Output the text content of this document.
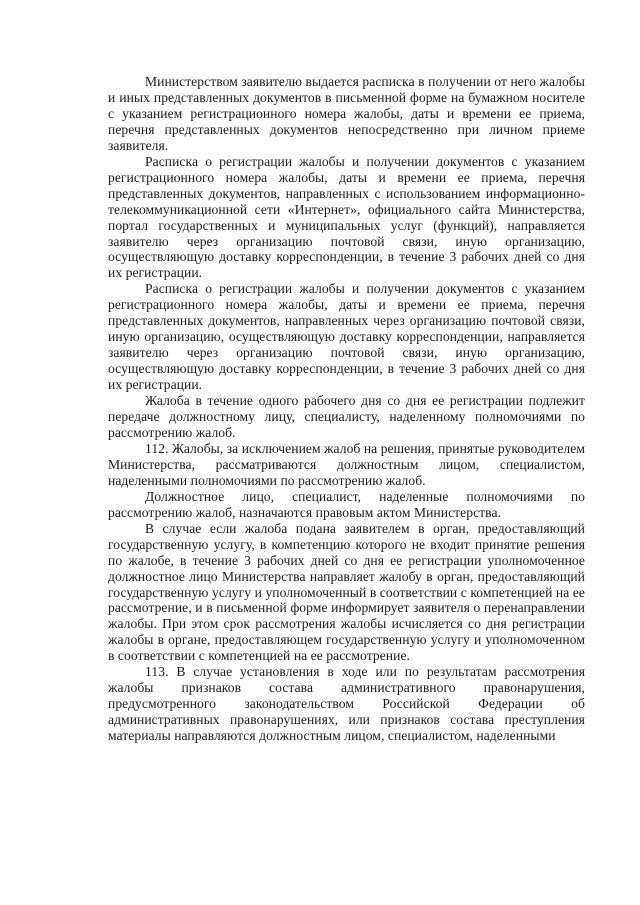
Министерством заявителю выдается расписка в получении от него жалобы и иных представленных документов в письменной форме на бумажном носителе с указанием регистрационного номера жалобы, даты и времени ее приема, перечня представленных документов непосредственно при личном приеме заявителя.

Расписка о регистрации жалобы и получении документов с указанием регистрационного номера жалобы, даты и времени ее приема, перечня представленных документов, направленных с использованием информационно-телекоммуникационной сети «Интернет», официального сайта Министерства, портал государственных и муниципальных услуг (функций), направляется заявителю через организацию почтовой связи, иную организацию, осуществляющую доставку корреспонденции, в течение 3 рабочих дней со дня их регистрации.

Расписка о регистрации жалобы и получении документов с указанием регистрационного номера жалобы, даты и времени ее приема, перечня представленных документов, направленных через организацию почтовой связи, иную организацию, осуществляющую доставку корреспонденции, направляется заявителю через организацию почтовой связи, иную организацию, осуществляющую доставку корреспонденции, в течение 3 рабочих дней со дня их регистрации.

Жалоба в течение одного рабочего дня со дня ее регистрации подлежит передаче должностному лицу, специалисту, наделенному полномочиями по рассмотрению жалоб.

112. Жалобы, за исключением жалоб на решения, принятые руководителем Министерства, рассматриваются должностным лицом, специалистом, наделенными полномочиями по рассмотрению жалоб.

Должностное лицо, специалист, наделенные полномочиями по рассмотрению жалоб, назначаются правовым актом Министерства.

В случае если жалоба подана заявителем в орган, предоставляющий государственную услугу, в компетенцию которого не входит принятие решения по жалобе, в течение 3 рабочих дней со дня ее регистрации уполномоченное должностное лицо Министерства направляет жалобу в орган, предоставляющий государственную услугу и уполномоченный в соответствии с компетенцией на ее рассмотрение, и в письменной форме информирует заявителя о перенаправлении жалобы. При этом срок рассмотрения жалобы исчисляется со дня регистрации жалобы в органе, предоставляющем государственную услугу и уполномоченном в соответствии с компетенцией на ее рассмотрение.

113. В случае установления в ходе или по результатам рассмотрения жалобы признаков состава административного правонарушения, предусмотренного законодательством Российской Федерации об административных правонарушениях, или признаков состава преступления материалы направляются должностным лицом, специалистом, наделенными
